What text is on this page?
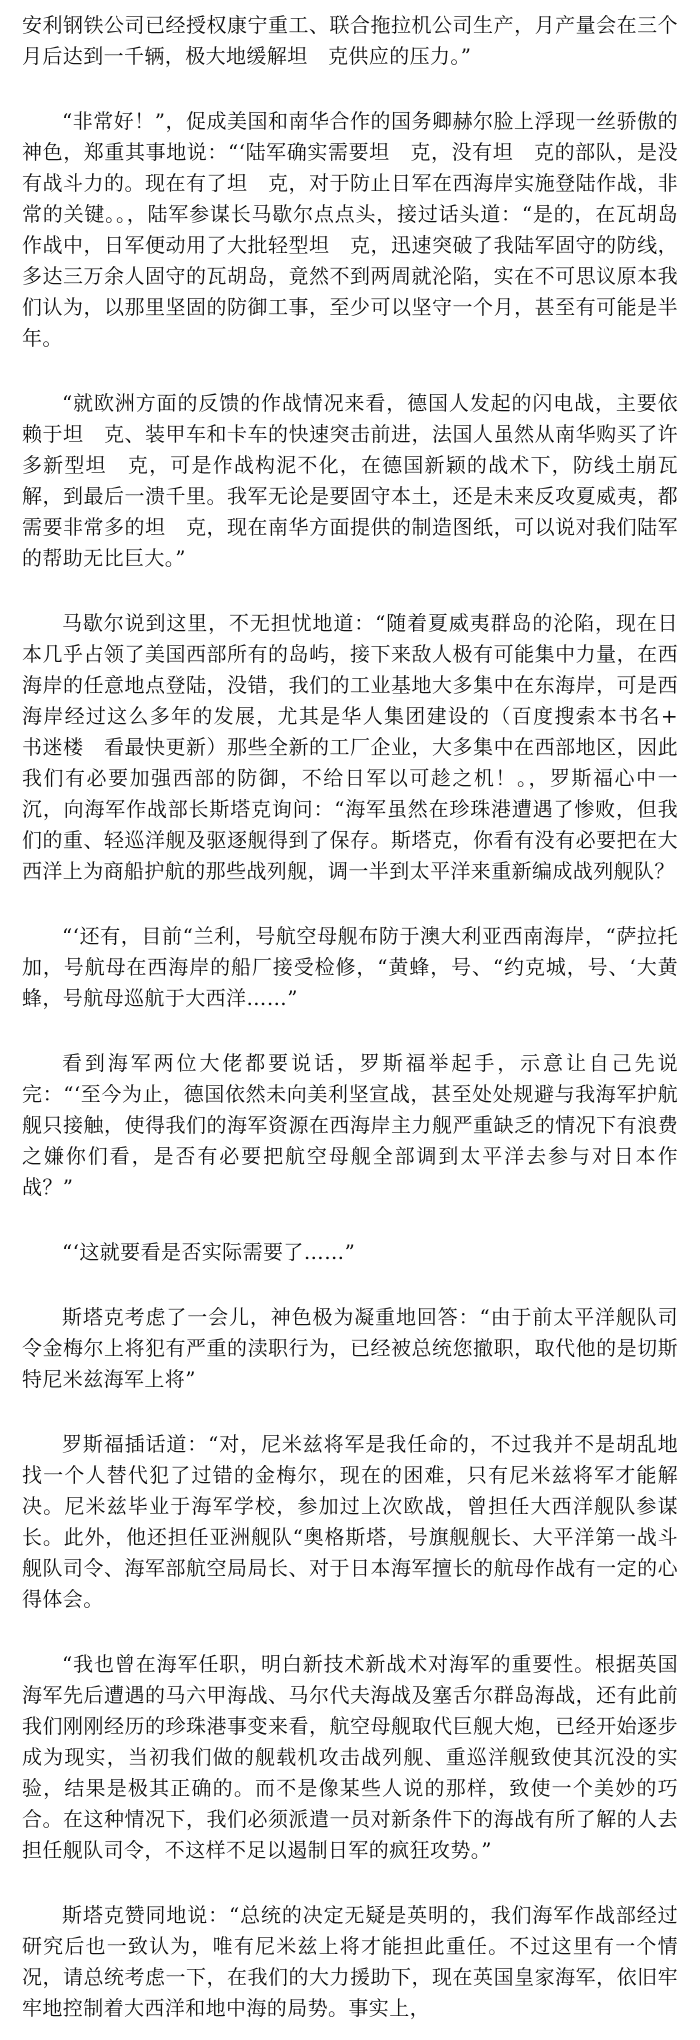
安利钢铁公司已经授权康宁重工、联合拖拉机公司生产，月产量会在三个月后达到一千辆，极大地缓解坦　克供应的压力。”

“非常好！”，促成美国和南华合作的国务卿赫尔脸上浮现一丝骄傲的神色，郑重其事地说：“‘陆军确实需要坦　克，没有坦　克的部队，是没有战斗力的。现在有了坦　克，对于防止日军在西海岸实施登陆作战，非常的关键。。，陆军参谋长马歇尔点点头，接过话头道：“是的，在瓦胡岛作战中，日军便动用了大批轻型坦　克，迅速突破了我陆军固守的防线，多达三万余人固守的瓦胡岛，竟然不到两周就沦陷，实在不可思议原本我们认为，以那里坚固的防御工事，至少可以坚守一个月，甚至有可能是半年。

“就欧洲方面的反馈的作战情况来看，德国人发起的闪电战，主要依赖于坦　克、装甲车和卡车的快速突击前进，法国人虽然从南华购买了许多新型坦　克，可是作战构泥不化，在德国新颖的战术下，防线土崩瓦解，到最后一溃千里。我军无论是要固守本土，还是未来反攻夏威夷，都需要非常多的坦　克，现在南华方面提供的制造图纸，可以说对我们陆军的帮助无比巨大。”

马歇尔说到这里，不无担忧地道：“随着夏威夷群岛的沦陷，现在日本几乎占领了美国西部所有的岛屿，接下来敌人极有可能集中力量，在西海岸的任意地点登陆，没错，我们的工业基地大多集中在东海岸，可是西海岸经过这么多年的发展，尤其是华人集团建设的（百度搜索本书名+ 书迷楼　看最快更新）那些全新的工厂企业，大多集中在西部地区，因此我们有必要加强西部的防御，不给日军以可趁之机！。，罗斯福心中一沉，向海军作战部长斯塔克询问：“海军虽然在珍珠港遭遇了惨败，但我们的重、轻巡洋舰及驱逐舰得到了保存。斯塔克，你看有没有必要把在大西洋上为商船护航的那些战列舰，调一半到太平洋来重新编成战列舰队？

“‘还有，目前“兰利，号航空母舰布防于澳大利亚西南海岸，“萨拉托加，号航母在西海岸的船厂接受检修，“黄蜂，号、“约克城，号、‘大黄蜂，号航母巡航于大西洋……”

看到海军两位大佬都要说话，罗斯福举起手，示意让自己先说完：“‘至今为止，德国依然未向美利坚宣战，甚至处处规避与我海军护航舰只接触，使得我们的海军资源在西海岸主力舰严重缺乏的情况下有浪费之嫌你们看，是否有必要把航空母舰全部调到太平洋去参与对日本作战？”

“‘这就要看是否实际需要了……”

斯塔克考虑了一会儿，神色极为凝重地回答：“由于前太平洋舰队司令金梅尔上将犯有严重的渎职行为，已经被总统您撤职，取代他的是切斯特尼米兹海军上将”

罗斯福插话道：“对，尼米兹将军是我任命的，不过我并不是胡乱地找一个人替代犯了过错的金梅尔，现在的困难，只有尼米兹将军才能解决。尼米兹毕业于海军学校，参加过上次欧战，曾担任大西洋舰队参谋长。此外，他还担任亚洲舰队“奥格斯塔，号旗舰舰长、大平洋第一战斗舰队司令、海军部航空局局长、对于日本海军擅长的航母作战有一定的心得体会。

“我也曾在海军任职，明白新技术新战术对海军的重要性。根据英国海军先后遭遇的马六甲海战、马尔代夫海战及塞舌尔群岛海战，还有此前我们刚刚经历的珍珠港事变来看，航空母舰取代巨舰大炮，已经开始逐步成为现实，当初我们做的舰载机攻击战列舰、重巡洋舰致使其沉没的实验，结果是极其正确的。而不是像某些人说的那样，致使一个美妙的巧合。在这种情况下，我们必须派遣一员对新条件下的海战有所了解的人去担任舰队司令，不这样不足以遏制日军的疯狂攻势。”

斯塔克赞同地说：“总统的决定无疑是英明的，我们海军作战部经过研究后也一致认为，唯有尼米兹上将才能担此重任。不过这里有一个情况，请总统考虑一下，在我们的大力援助下，现在英国皇家海军，依旧牢牢地控制着大西洋和地中海的局势。事实上，
